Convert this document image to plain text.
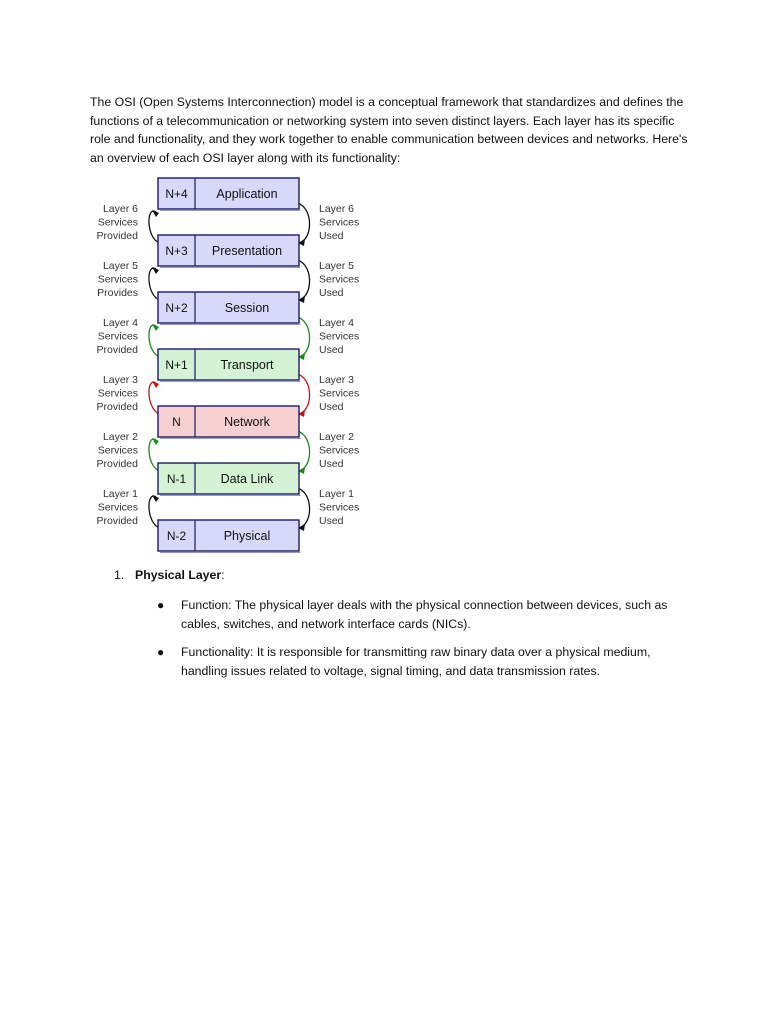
The OSI (Open Systems Interconnection) model is a conceptual framework that standardizes and defines the functions of a telecommunication or networking system into seven distinct layers. Each layer has its specific role and functionality, and they work together to enable communication between devices and networks. Here's an overview of each OSI layer along with its functionality:

Layer 6
Services
Provided
Layer 6
Services
Used
Layer 5
Services
Provides
Layer 5
Services
Used
Layer 4
Services
Provided
Layer 4
Services
Used
Layer 3
Services
Provided
Layer 3
Services
Used
Layer 2
Services
Provided
Layer 2
Services
Used
Layer 1
Services
Provided
Layer 1
Services
Used
N+4 Application
N+3 Presentation
N+2	Session
N+1	Transport
N	Network
N-1	Data Link
N-2	Physical
1. Physical Layer:
● Function: The physical layer deals with the physical connection between devices, such as cables, switches, and network interface cards (NICs).
● Functionality: It is responsible for transmitting raw binary data over a physical medium, handling issues related to voltage, signal timing, and data transmission rates.
